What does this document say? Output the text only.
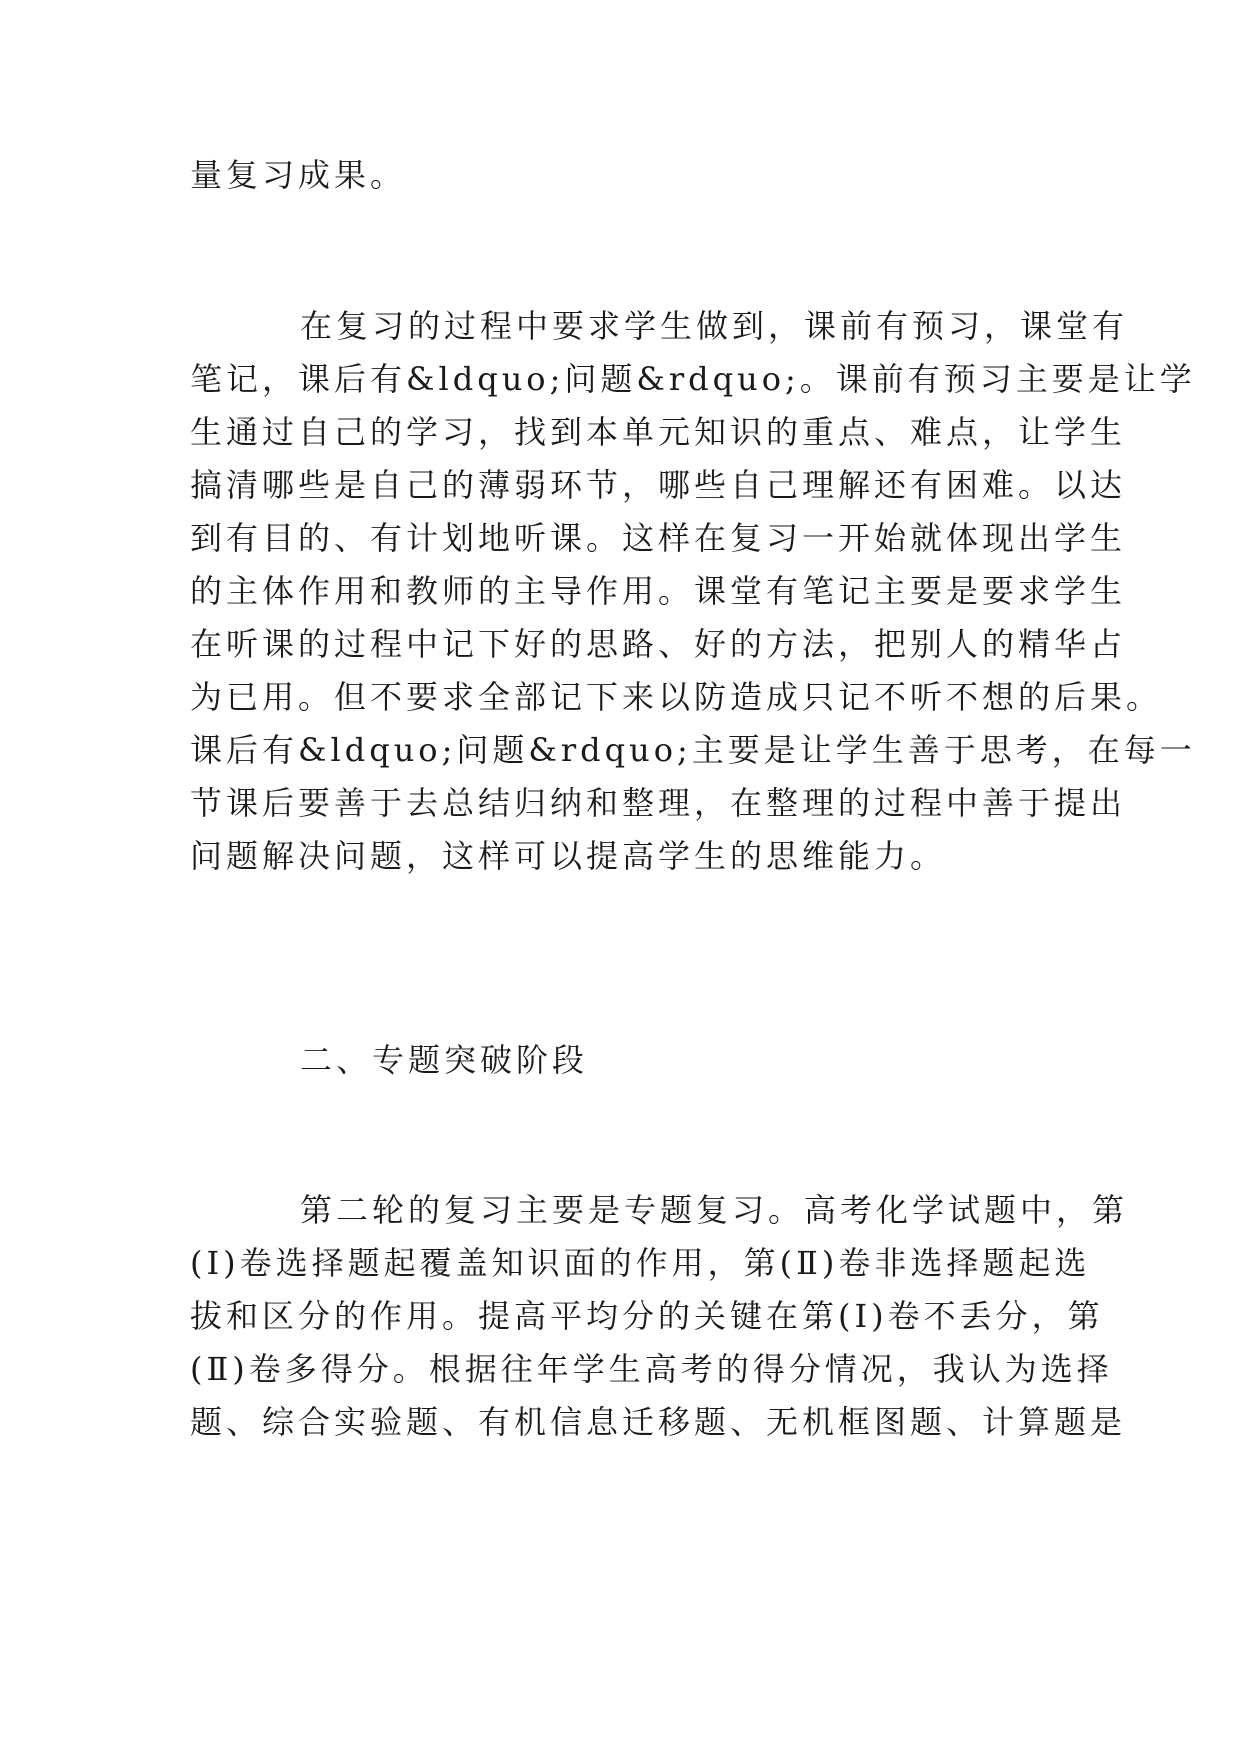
量复习成果。
在复习的过程中要求学生做到，课前有预习，课堂有
笔记，课后有&ldquo;问题&rdquo;。课前有预习主要是让学
生通过自己的学习，找到本单元知识的重点、难点，让学生
搞清哪些是自己的薄弱环节，哪些自己理解还有困难。以达
到有目的、有计划地听课。这样在复习一开始就体现出学生
的主体作用和教师的主导作用。课堂有笔记主要是要求学生
在听课的过程中记下好的思路、好的方法，把别人的精华占
为已用。但不要求全部记下来以防造成只记不听不想的后果。
课后有&ldquo;问题&rdquo;主要是让学生善于思考，在每一
节课后要善于去总结归纳和整理，在整理的过程中善于提出
问题解决问题，这样可以提高学生的思维能力。
二、专题突破阶段
第二轮的复习主要是专题复习。高考化学试题中，第
(Ⅰ)卷选择题起覆盖知识面的作用，第(Ⅱ)卷非选择题起选
拔和区分的作用。提高平均分的关键在第(Ⅰ)卷不丢分，第
(Ⅱ)卷多得分。根据往年学生高考的得分情况，我认为选择
题、综合实验题、有机信息迁移题、无机框图题、计算题是
